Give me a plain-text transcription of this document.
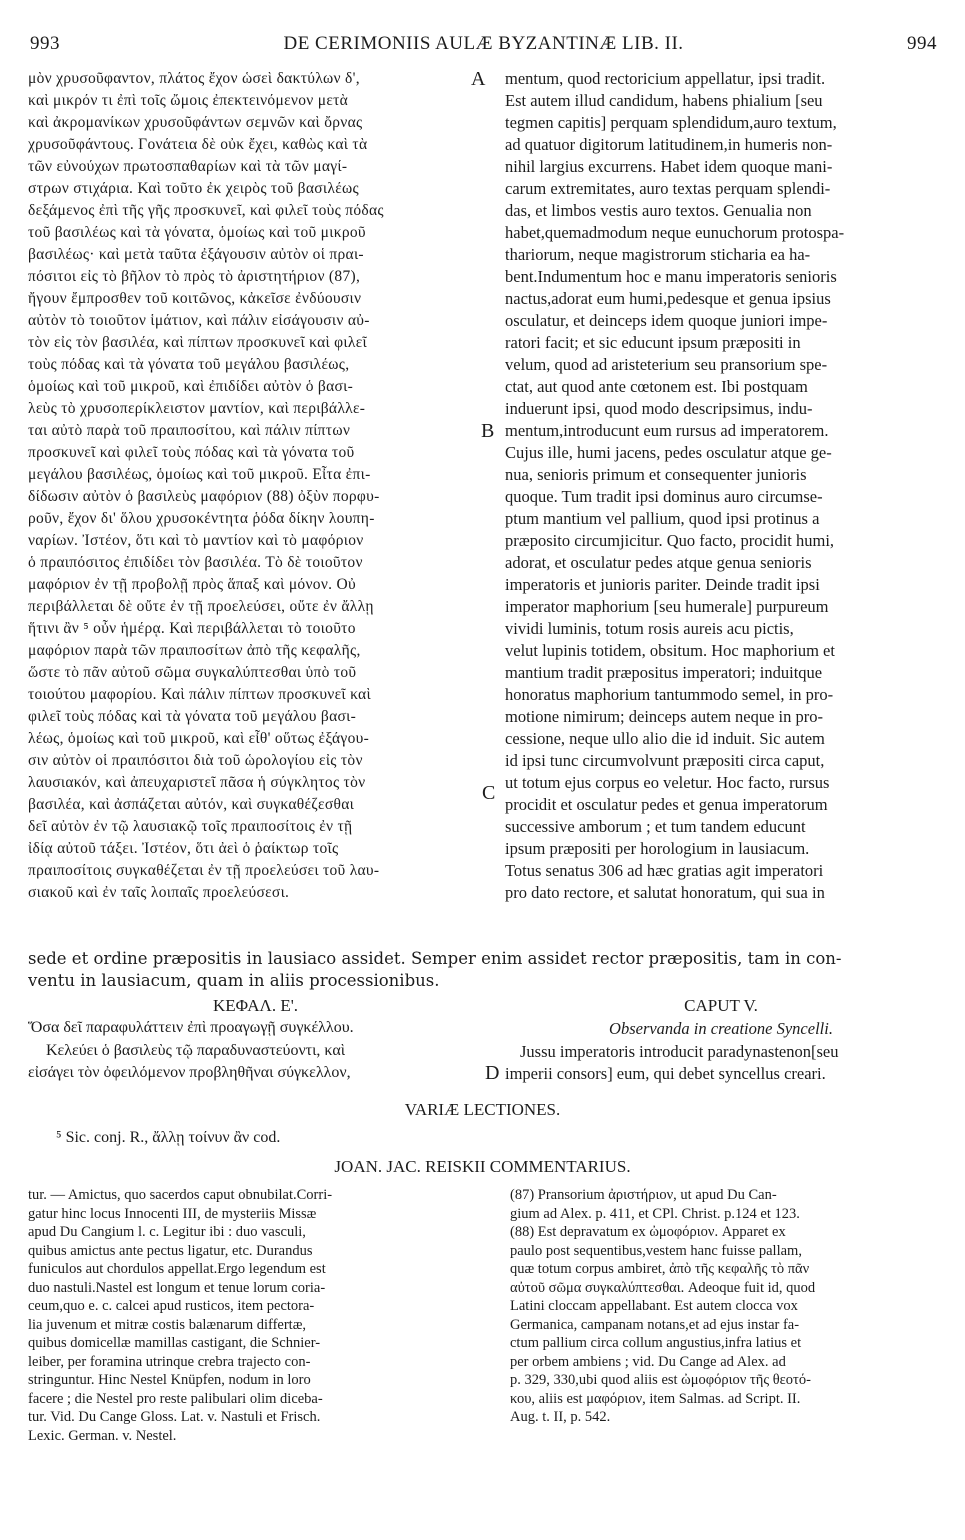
993	DE CERIMONIIS AULÆ BYZANTINÆ LIB. II.	994
μὸν χρυσοῦφαντον, πλάτος ἔχον ὡσεὶ δακτύλων δ',
καὶ μικρόν τι ἐπὶ τοῖς ὤμοις ἐπεκτεινόμενον μετὰ
καὶ ἀκρομανίκων χρυσοῦφάντων σεμνῶν καὶ ὄρνας
χρυσοῦφάντους. Γονάτεια δὲ οὐκ ἔχει, καθὼς καὶ τὰ
τῶν εὐνούχων πρωτοσπαθαρίων καὶ τὰ τῶν μαγί-
στρων στιχάρια. Καὶ τοῦτο ἐκ χειρὸς τοῦ βασιλέως
δεξάμενος ἐπὶ τῆς γῆς προσκυνεῖ, καὶ φιλεῖ τοὺς πόδας
τοῦ βασιλέως καὶ τὰ γόνατα, ὁμοίως καὶ τοῦ μικροῦ
βασιλέως· καὶ μετὰ ταῦτα ἐξάγουσιν αὐτὸν οἱ πραι-
πόσιτοι εἰς τὸ βῆλον τὸ πρὸς τὸ ἀριστητήριον (87),
ἤγουν ἔμπροσθεν τοῦ κοιτῶνος, κἀκεῖσε ἐνδύουσιν
αὐτὸν τὸ τοιοῦτον ἱμάτιον, καὶ πάλιν εἰσάγουσιν αὐ-
τὸν εἰς τὸν βασιλέα, καὶ πίπτων προσκυνεῖ καὶ φιλεῖ
τοὺς πόδας καὶ τὰ γόνατα τοῦ μεγάλου βασιλέως,
ὁμοίως καὶ τοῦ μικροῦ, καὶ ἐπιδίδει αὐτὸν ὁ βασι-
λεὺς τὸ χρυσοπερίκλειστον μαντίον, καὶ περιβάλλε-
ται αὐτὸ παρὰ τοῦ πραιποσίτου, καὶ πάλιν πίπτων
προσκυνεῖ καὶ φιλεῖ τοὺς πόδας καὶ τὰ γόνατα τοῦ
μεγάλου βασιλέως, ὁμοίως καὶ τοῦ μικροῦ. Εἶτα ἐπι-
δίδωσιν αὐτὸν ὁ βασιλεὺς μαφόριον (88) ὀξὺν πορφυ-
ροῦν, ἔχον δι' ὅλου χρυσοκέντητα ῥόδα δίκην λουπη-
ναρίων. Ἰστέον, ὅτι καὶ τὸ μαντίον καὶ τὸ μαφόριον
ὁ πραιπόσιτος ἐπιδίδει τὸν βασιλέα. Τὸ δὲ τοιοῦτον
μαφόριον ἐν τῇ προβολῇ πρὸς ἅπαξ καὶ μόνον. Οὐ
περιβάλλεται δὲ οὔτε ἐν τῇ προελεύσει, οὔτε ἐν ἄλλῃ
ἥτινι ἂν ⁵ οὖν ἡμέρᾳ. Καὶ περιβάλλεται τὸ τοιοῦτο
μαφόριον παρὰ τῶν πραιποσίτων ἀπὸ τῆς κεφαλῆς,
ὥστε τὸ πᾶν αὐτοῦ σῶμα συγκαλύπτεσθαι ὑπὸ τοῦ
τοιούτου μαφορίου. Καὶ πάλιν πίπτων προσκυνεῖ καὶ
φιλεῖ τοὺς πόδας καὶ τὰ γόνατα τοῦ μεγάλου βασι-
λέως, ὁμοίως καὶ τοῦ μικροῦ, καὶ εἶθ' οὕτως ἐξάγου-
σιν αὐτὸν οἱ πραιπόσιτοι διὰ τοῦ ὡρολογίου εἰς τὸν
λαυσιακόν, καὶ ἀπευχαριστεῖ πᾶσα ἡ σύγκλητος τὸν
βασιλέα, καὶ ἀσπάζεται αὐτόν, καὶ συγκαθέζεσθαι
δεῖ αὐτὸν ἐν τῷ λαυσιακῷ τοῖς πραιποσίτοις ἐν τῇ
ἰδίᾳ αὐτοῦ τάξει. Ἰστέον, ὅτι ἀεὶ ὁ ῥαίκτωρ τοῖς
πραιποσίτοις συγκαθέζεται ἐν τῇ προελεύσει τοῦ λαυ-
σιακοῦ καὶ ἐν ταῖς λοιπαῖς προελεύσεσι.
mentum, quod rectoricium appellatur, ipsi tradit.
Est autem illud candidum, habens phialium [seu
tegmen capitis] perquam splendidum,auro textum,
ad quatuor digitorum latitudinem,in humeris non-
nihil largius excurrens. Habet idem quoque mani-
carum extremitates, auro textas perquam splendi-
das, et limbos vestis auro textos. Genualia non
habet,quemadmodum neque eunuchorum protospa-
thariorum, neque magistrorum sticharia ea ha-
bent.Indumentum hoc e manu imperatoris senioris
nactus,adorat eum humi,pedesque et genua ipsius
osculatur, et deinceps idem quoque juniori impe-
ratori facit; et sic educunt ipsum præpositi in
velum, quod ad aristeterium seu pransorium spe-
ctat, aut quod ante cœtonem est. Ibi postquam
induerunt ipsi, quod modo descripsimus, indu-
mentum,introducunt eum rursus ad imperatorem.
Cujus ille, humi jacens, pedes osculatur atque ge-
nua, senioris primum et consequenter junioris
quoque. Tum tradit ipsi dominus auro circumse-
ptum mantium vel pallium, quod ipsi protinus a
præposito circumjicitur. Quo facto, procidit humi,
adorat, et osculatur pedes atque genua senioris
imperatoris et junioris pariter. Deinde tradit ipsi
imperator maphorium [seu humerale] purpureum
vividi luminis, totum rosis aureis acu pictis,
velut lupinis totidem, obsitum. Hoc maphorium et
mantium tradit præpositus imperatori; induitque
honoratus maphorium tantummodo semel, in pro-
motione nimirum; deinceps autem neque in pro-
cessione, neque ullo alio die id induit. Sic autem
id ipsi tunc circumvolvunt præpositi circa caput,
ut totum ejus corpus eo veletur. Hoc facto, rursus
procidit et osculatur pedes et genua imperatorum
successive amborum ; et tum tandem educunt
ipsum præpositi per horologium in lausiacum.
Totus senatus 306 ad hæc gratias agit imperatori
pro dato rectore, et salutat honoratum, qui sua in
A
B
C
D
sede et ordine præpositis in lausiaco assidet. Semper enim assidet rector præpositis, tam in con-
ventu in lausiacum, quam in aliis processionibus.
ΚΕΦΑΛ. Ε'.
Ὅσα δεῖ παραφυλάττειν ἐπὶ προαγωγῇ συγκέλλου.
Κελεύει ὁ βασιλεὺς τῷ παραδυναστεύοντι, καὶ
εἰσάγει τὸν ὀφειλόμενον προβληθῆναι σύγκελλον,
CAPUT V.
Observanda in creatione Syncelli.
Jussu imperatoris introducit paradynastenon[seu
imperii consors] eum, qui debet syncellus creari.
VARIÆ LECTIONES.
⁵ Sic. conj. R., ἄλλῃ τοίνυν ἂν cod.
JOAN. JAC. REISKII COMMENTARIUS.
tur. — Amictus, quo sacerdos caput obnubilat.Corri-
gatur hinc locus Innocenti III, de mysteriis Missæ
apud Du Cangium l. c. Legitur ibi : duo vasculi,
quibus amictus ante pectus ligatur, etc. Durandus
funiculos aut chordulos appellat.Ergo legendum est
duo nastuli.Nastel est longum et tenue lorum coria-
ceum,quo e. c. calcei apud rusticos, item pectora-
lia juvenum et mitræ costis balænarum differtæ,
quibus domicellæ mamillas castigant, die Schnier-
leiber, per foramina utrinque crebra trajecto con-
stringuntur. Hinc Nestel Knüpfen, nodum in loro
facere ; die Nestel pro reste palibulari olim diceba-
tur. Vid. Du Cange Gloss. Lat. v. Nastuli et Frisch.
Lexic. German. v. Nestel.
(87) Pransorium ἀριστήριον, ut apud Du Can-
gium ad Alex. p. 411, et CPl. Christ. p.124 et 123.
(88) Est depravatum ex ὠμοφόριον. Apparet ex
paulo post sequentibus,vestem hanc fuisse pallam,
quæ totum corpus ambiret, ἀπὸ τῆς κεφαλῆς τὸ πᾶν
αὐτοῦ σῶμα συγκαλύπτεσθαι. Adeoque fuit id, quod
Latini cloccam appellabant. Est autem clocca vox
Germanica, campanam notans,et ad ejus instar fa-
ctum pallium circa collum angustius,infra latius et
per orbem ambiens ; vid. Du Cange ad Alex. ad
p. 329, 330,ubi quod aliis est ὠμοφόριον τῆς θεοτό-
κου, aliis est μαφόριον, item Salmas. ad Script. II.
Aug. t. II, p. 542.
